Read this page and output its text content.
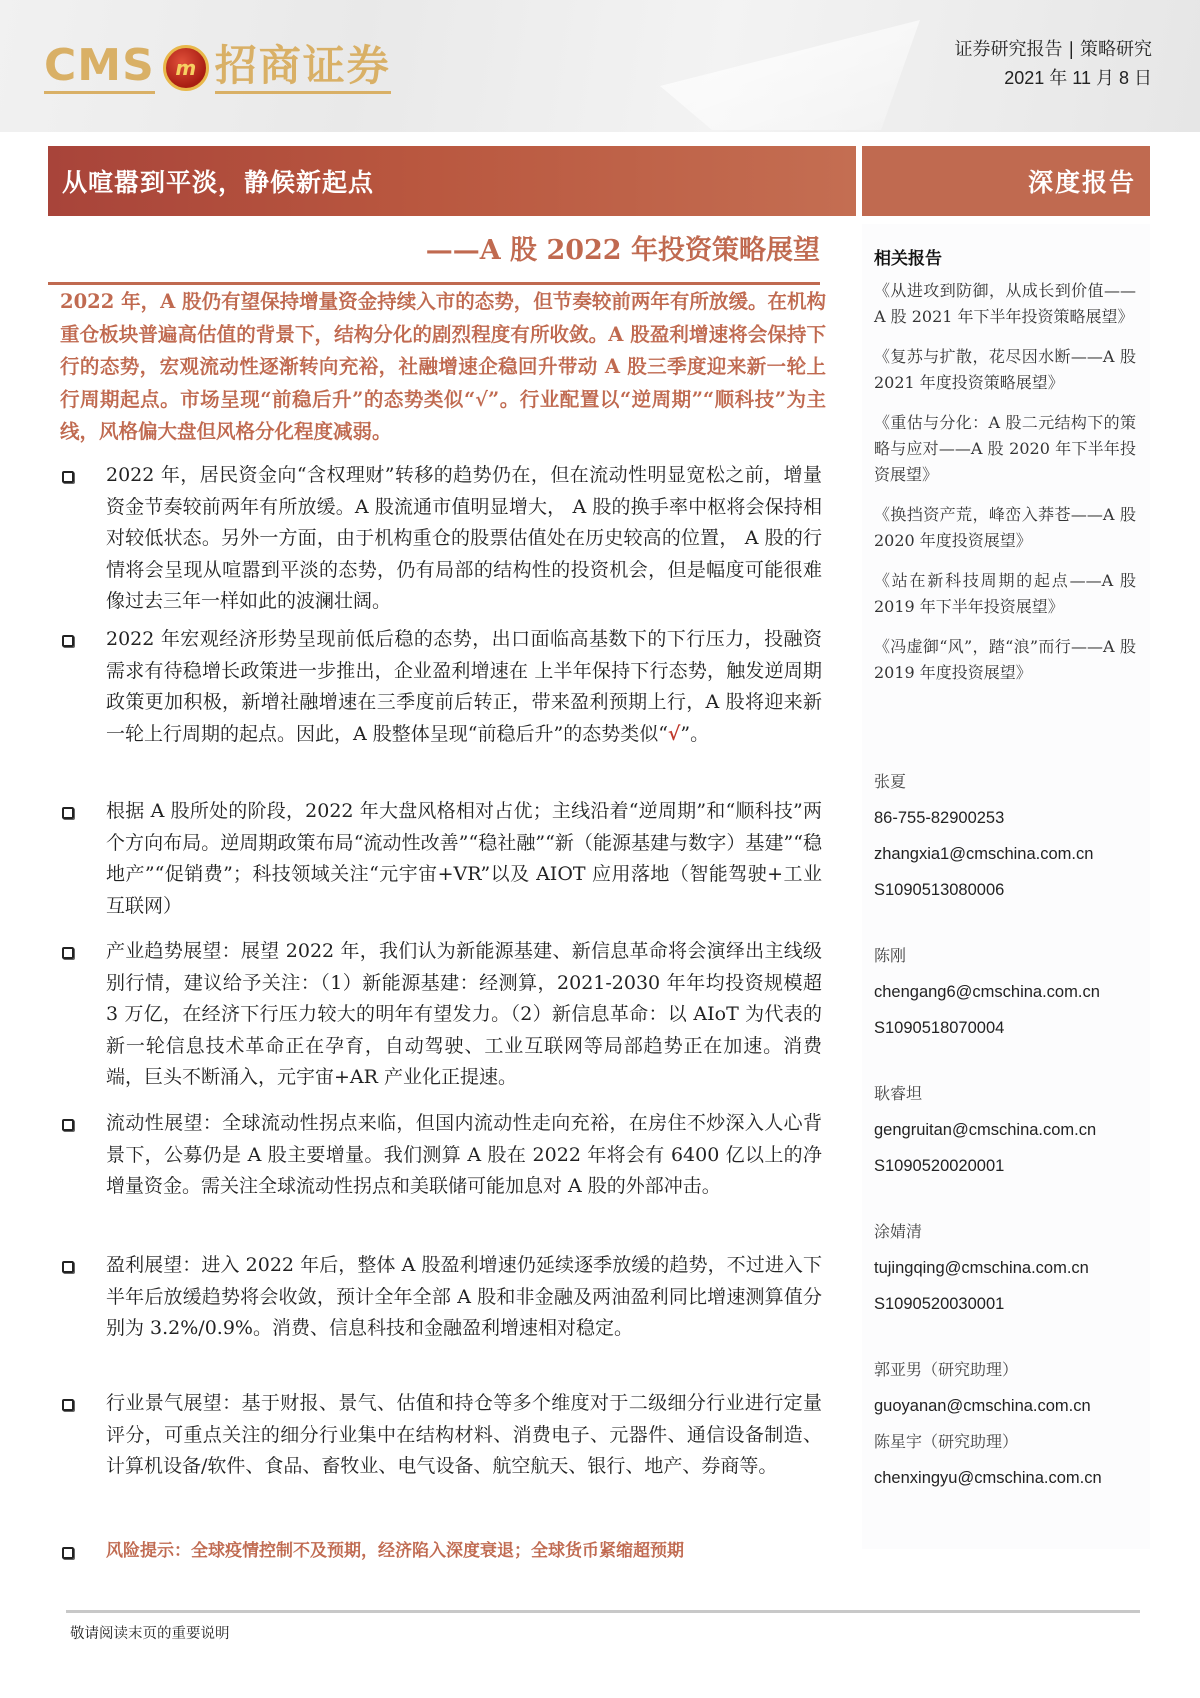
CMS	m 招商证券	证券研究报告 | 策略研究
2021 年 11 月 8 日
从喧嚣到平淡，静候新起点	深度报告
——A 股 2022 年投资策略展望
2022 年，A 股仍有望保持增量资金持续入市的态势，但节奏较前两年有所放缓。在机构重仓板块普遍高估值的背景下，结构分化的剧烈程度有所收敛。A 股盈利增速将会保持下行的态势，宏观流动性逐渐转向充裕，社融增速企稳回升带动 A 股三季度迎来新一轮上行周期起点。市场呈现“前稳后升”的态势类似“√”。行业配置以“逆周期”“顺科技”为主线，风格偏大盘但风格分化程度减弱。
2022 年，居民资金向“含权理财”转移的趋势仍在，但在流动性明显宽松之前，增量资金节奏较前两年有所放缓。A 股流通市值明显增大， A 股的换手率中枢将会保持相对较低状态。另外一方面，由于机构重仓的股票估值处在历史较高的位置， A 股的行情将会呈现从喧嚣到平淡的态势，仍有局部的结构性的投资机会，但是幅度可能很难像过去三年一样如此的波澜壮阔。
2022 年宏观经济形势呈现前低后稳的态势，出口面临高基数下的下行压力，投融资需求有待稳增长政策进一步推出，企业盈利增速在 上半年保持下行态势，触发逆周期政策更加积极，新增社融增速在三季度前后转正，带来盈利预期上行，A 股将迎来新一轮上行周期的起点。因此，A 股整体呈现“前稳后升”的态势类似“√”。
根据 A 股所处的阶段，2022 年大盘风格相对占优；主线沿着“逆周期”和“顺科技”两个方向布局。逆周期政策布局“流动性改善”“稳社融”“新（能源基建与数字）基建”“稳地产”“促销费”；科技领域关注“元宇宙+VR”以及 AIOT 应用落地（智能驾驶+工业互联网）
产业趋势展望：展望 2022 年，我们认为新能源基建、新信息革命将会演绎出主线级别行情，建议给予关注：（1）新能源基建：经测算，2021-2030 年年均投资规模超 3 万亿，在经济下行压力较大的明年有望发力。（2）新信息革命：以 AIoT 为代表的新一轮信息技术革命正在孕育，自动驾驶、工业互联网等局部趋势正在加速。消费端，巨头不断涌入，元宇宙+AR 产业化正提速。
流动性展望：全球流动性拐点来临，但国内流动性走向充裕，在房住不炒深入人心背景下，公募仍是 A 股主要增量。我们测算 A 股在 2022 年将会有 6400 亿以上的净增量资金。需关注全球流动性拐点和美联储可能加息对 A 股的外部冲击。
盈利展望：进入 2022 年后，整体 A 股盈利增速仍延续逐季放缓的趋势，不过进入下半年后放缓趋势将会收敛，预计全年全部 A 股和非金融及两油盈利同比增速测算值分别为 3.2%/0.9%。消费、信息科技和金融盈利增速相对稳定。
行业景气展望：基于财报、景气、估值和持仓等多个维度对于二级细分行业进行定量评分，可重点关注的细分行业集中在结构材料、消费电子、元器件、通信设备制造、计算机设备/软件、食品、畜牧业、电气设备、航空航天、银行、地产、券商等。
风险提示：全球疫情控制不及预期，经济陷入深度衰退；全球货币紧缩超预期
相关报告
《从进攻到防御，从成长到价值——A 股 2021 年下半年投资策略展望》
《复苏与扩散，花尽因水断——A 股 2021 年度投资策略展望》
《重估与分化：A 股二元结构下的策略与应对——A 股 2020 年下半年投资展望》
《换挡资产荒，峰峦入莽苍——A 股 2020 年度投资展望》
《站在新科技周期的起点——A 股 2019 年下半年投资展望》
《冯虚御“风”，踏“浪”而行——A 股 2019 年度投资展望》
张夏
86-755-82900253
zhangxia1@cmschina.com.cn
S1090513080006
陈刚
chengang6@cmschina.com.cn
S1090518070004
耿睿坦
gengruitan@cmschina.com.cn
S1090520020001
涂婧清
tujingqing@cmschina.com.cn
S1090520030001
郭亚男（研究助理）
guoyanan@cmschina.com.cn
陈星宇（研究助理）
chenxingyu@cmschina.com.cn
敬请阅读末页的重要说明
